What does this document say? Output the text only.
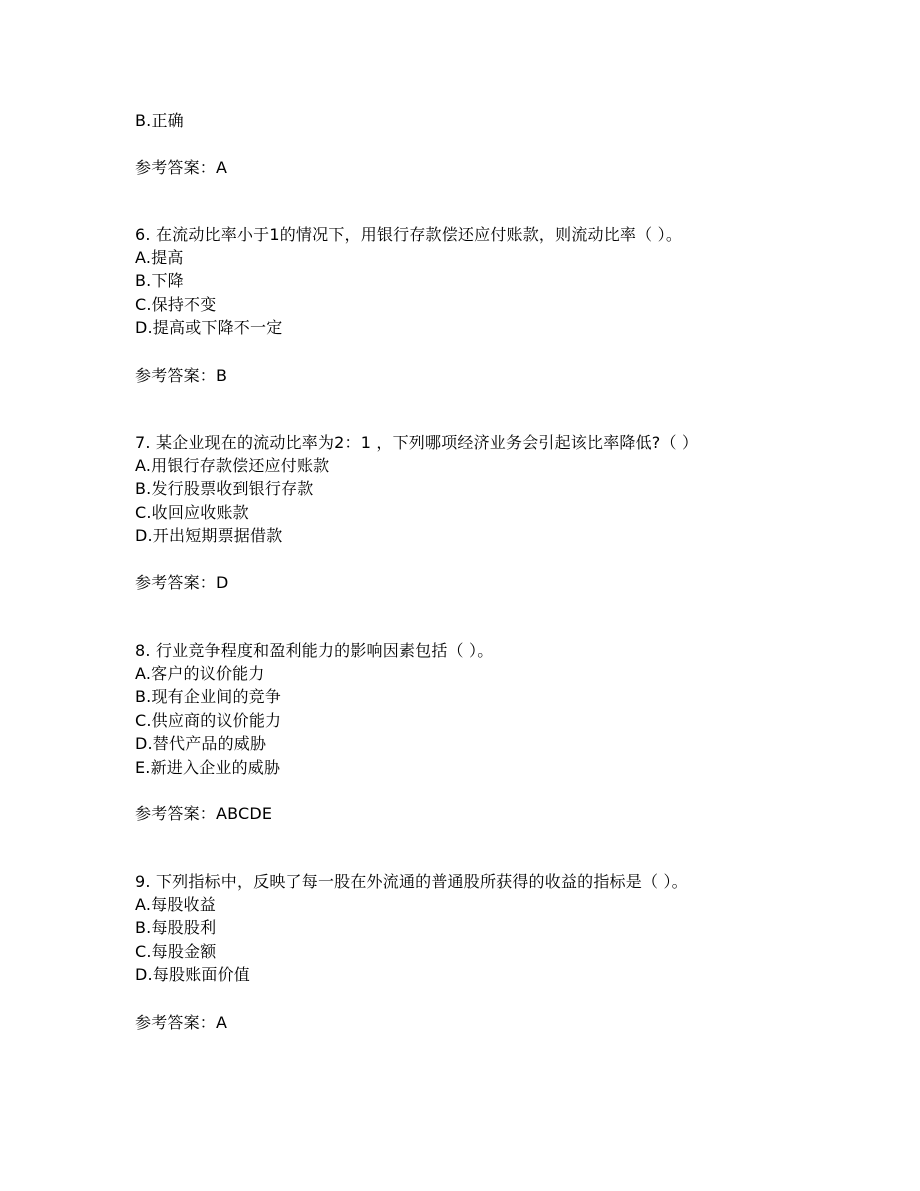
B.正确
参考答案：A
6. 在流动比率小于1的情况下，用银行存款偿还应付账款，则流动比率（ ）。
A.提高
B.下降
C.保持不变
D.提高或下降不一定
参考答案：B
7. 某企业现在的流动比率为2：1 ，下列哪项经济业务会引起该比率降低?（ ）
A.用银行存款偿还应付账款
B.发行股票收到银行存款
C.收回应收账款
D.开出短期票据借款
参考答案：D
8. 行业竞争程度和盈利能力的影响因素包括（ ）。
A.客户的议价能力
B.现有企业间的竞争
C.供应商的议价能力
D.替代产品的威胁
E.新进入企业的威胁
参考答案：ABCDE
9. 下列指标中，反映了每一股在外流通的普通股所获得的收益的指标是（ ）。
A.每股收益
B.每股股利
C.每股金额
D.每股账面价值
参考答案：A
